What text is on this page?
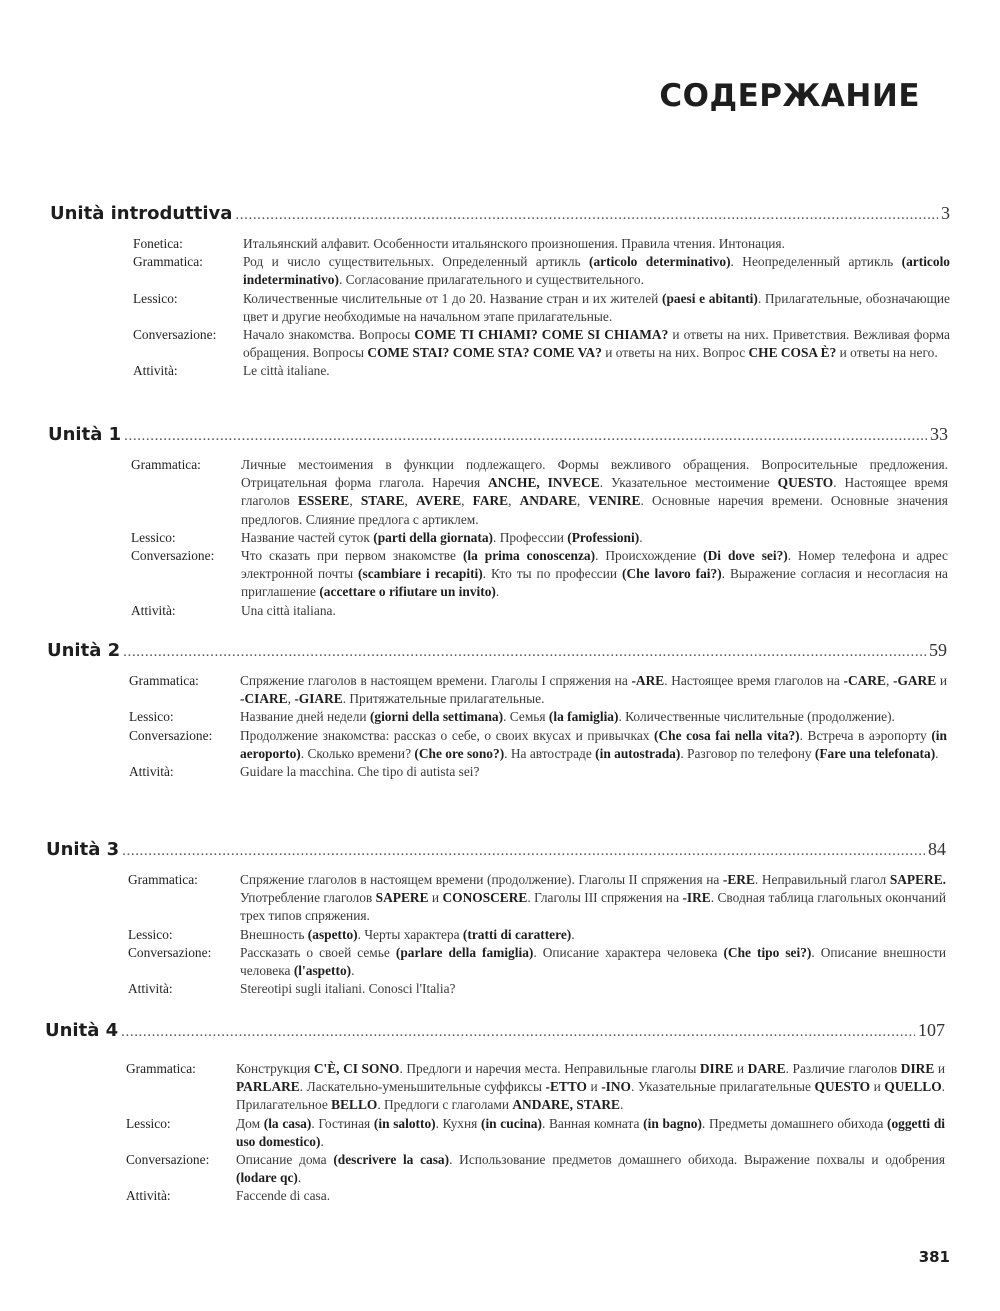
СОДЕРЖАНИЕ
Unità introduttiva .....	3
Fonetica:	Итальянский алфавит. Особенности итальянского произношения. Правила чтения. Интонация.
Grammatica:	Род и число существительных. Определенный артикль (articolo determinativo). Неопределенный артикль (articolo indeterminativo). Согласование прилагательного и существительного.
Lessico:	Количественные числительные от 1 до 20. Название стран и их жителей (paesi e abitanti). Прилагательные, обозначающие цвет и другие необходимые на начальном этапе прилагательные.
Conversazione:	Начало знакомства. Вопросы COME TI CHIAMI? COME SI CHIAMA? и ответы на них. Приветствия. Вежливая форма обращения. Вопросы COME STAI? COME STA? COME VA? и ответы на них. Вопрос CHE COSA È? и ответы на него.
Attività:	Le città italiane.
Unità 1 .....	33
Grammatica:	Личные местоимения в функции подлежащего. Формы вежливого обращения. Вопросительные предложения. Отрицательная форма глагола. Наречия ANCHE, INVECE. Указательное местоимение QUESTO. Настоящее время глаголов ESSERE, STARE, AVERE, FARE, ANDARE, VENIRE. Основные наречия времени. Основные значения предлогов. Слияние предлога с артиклем.
Lessico:	Название частей суток (parti della giornata). Профессии (Professioni).
Conversazione:	Что сказать при первом знакомстве (la prima conoscenza). Происхождение (Di dove sei?). Номер телефона и адрес электронной почты (scambiare i recapiti). Кто ты по профессии (Che lavoro fai?). Выражение согласия и несогласия на приглашение (accettare o rifiutare un invito).
Attività:	Una città italiana.
Unità 2 .....	59
Grammatica:	Спряжение глаголов в настоящем времени. Глаголы I спряжения на -ARE. Настоящее время глаголов на -CARE, -GARE и -CIARE, -GIARE. Притяжательные прилагательные.
Lessico:	Название дней недели (giorni della settimana). Семья (la famiglia). Количественные числительные (продолжение).
Conversazione:	Продолжение знакомства: рассказ о себе, о своих вкусах и привычках (Che cosa fai nella vita?). Встреча в аэропорту (in aeroporto). Сколько времени? (Che ore sono?). На автостраде (in autostrada). Разговор по телефону (Fare una telefonata).
Attività:	Guidare la macchina. Che tipo di autista sei?
Unità 3 .....	84
Grammatica:	Спряжение глаголов в настоящем времени (продолжение). Глаголы II спряжения на -ERE. Неправильный глагол SAPERE. Употребление глаголов SAPERE и CONOSCERE. Глаголы III спряжения на -IRE. Сводная таблица глагольных окончаний трех типов спряжения.
Lessico:	Внешность (aspetto). Черты характера (tratti di carattere).
Conversazione:	Рассказать о своей семье (parlare della famiglia). Описание характера человека (Che tipo sei?). Описание внешности человека (l'aspetto).
Attività:	Stereotipi sugli italiani. Conosci l'Italia?
Unità 4 .....	107
Grammatica:	Конструкция C'È, CI SONO. Предлоги и наречия места. Неправильные глаголы DIRE и DARE. Различие глаголов DIRE и PARLARE. Ласкательно-уменьшительные суффиксы -ETTO и -INO. Указательные прилагательные QUESTO и QUELLO. Прилагательное BELLO. Предлоги с глаголами ANDARE, STARE.
Lessico:	Дом (la casa). Гостиная (in salotto). Кухня (in cucina). Ванная комната (in bagno). Предметы домашнего обихода (oggetti di uso domestico).
Conversazione:	Описание дома (descrivere la casa). Использование предметов домашнего обихода. Выражение похвалы и одобрения (lodare qc).
Attività:	Faccende di casa.
381
